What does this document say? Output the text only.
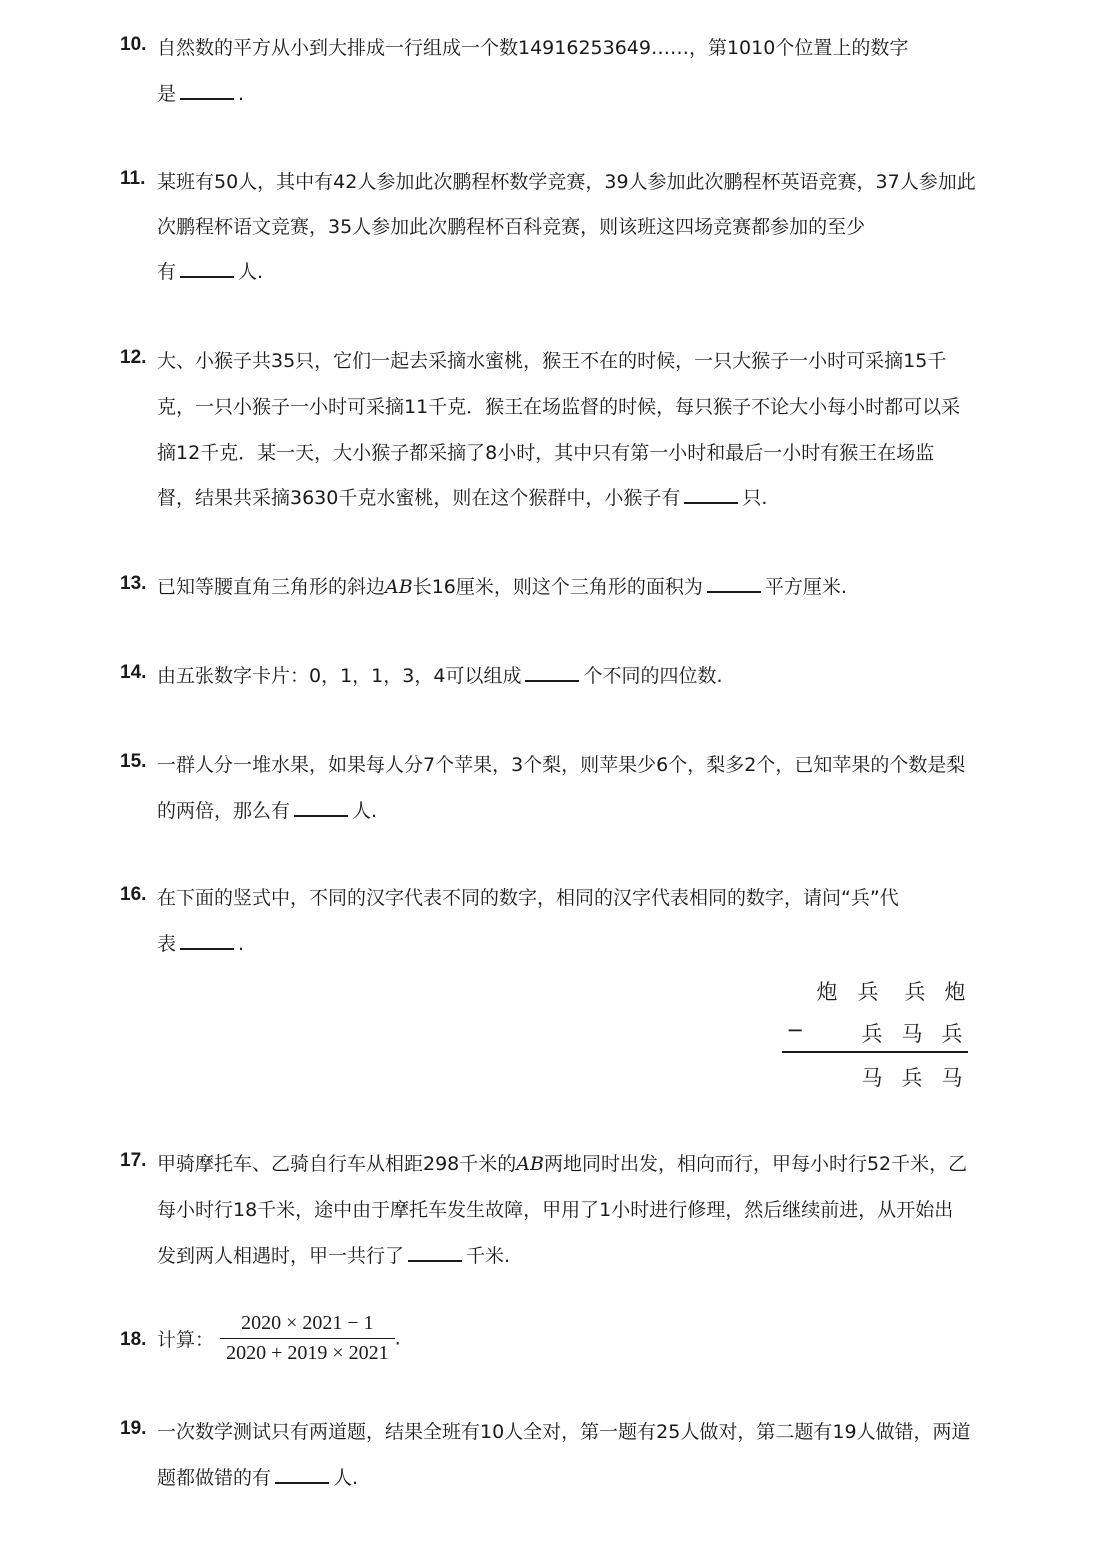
10. 自然数的平方从小到大排成一行组成一个数14916253649……，第1010个位置上的数字
是	.
11. 某班有50人，其中有42人参加此次鹏程杯数学竞赛，39人参加此次鹏程杯英语竞赛，37人参加此
次鹏程杯语文竞赛，35人参加此次鹏程杯百科竞赛，则该班这四场竞赛都参加的至少
有	人.
12. 大、小猴子共35只，它们一起去采摘水蜜桃，猴王不在的时候，一只大猴子一小时可采摘15千
克，一只小猴子一小时可采摘11千克．猴王在场监督的时候，每只猴子不论大小每小时都可以采
摘12千克．某一天，大小猴子都采摘了8小时，其中只有第一小时和最后一小时有猴王在场监
督，结果共采摘3630千克水蜜桃，则在这个猴群中，小猴子有	只.
13. 已知等腰直角三角形的斜边AB长16厘米，则这个三角形的面积为	平方厘米.
14. 由五张数字卡片：0，1，1，3，4可以组成	个不同的四位数.
15. 一群人分一堆水果，如果每人分7个苹果，3个梨，则苹果少6个，梨多2个，已知苹果的个数是梨
的两倍，那么有	人.
16. 在下面的竖式中，不同的汉字代表不同的数字，相同的汉字代表相同的数字，请问“兵”代
表	.
炮 兵 兵 炮
−	兵 马 兵
马 兵 马
17. 甲骑摩托车、乙骑自行车从相距298千米的AB两地同时出发，相向而行，甲每小时行52千米，乙
每小时行18千米，途中由于摩托车发生故障，甲用了1小时进行修理，然后继续前进，从开始出
发到两人相遇时，甲一共行了	千米.
18. 计算： $\frac{2020 \times 2021 - 1}{2020 + 2019 \times 2021}$ .
19. 一次数学测试只有两道题，结果全班有10人全对，第一题有25人做对，第二题有19人做错，两道
题都做错的有	人.
